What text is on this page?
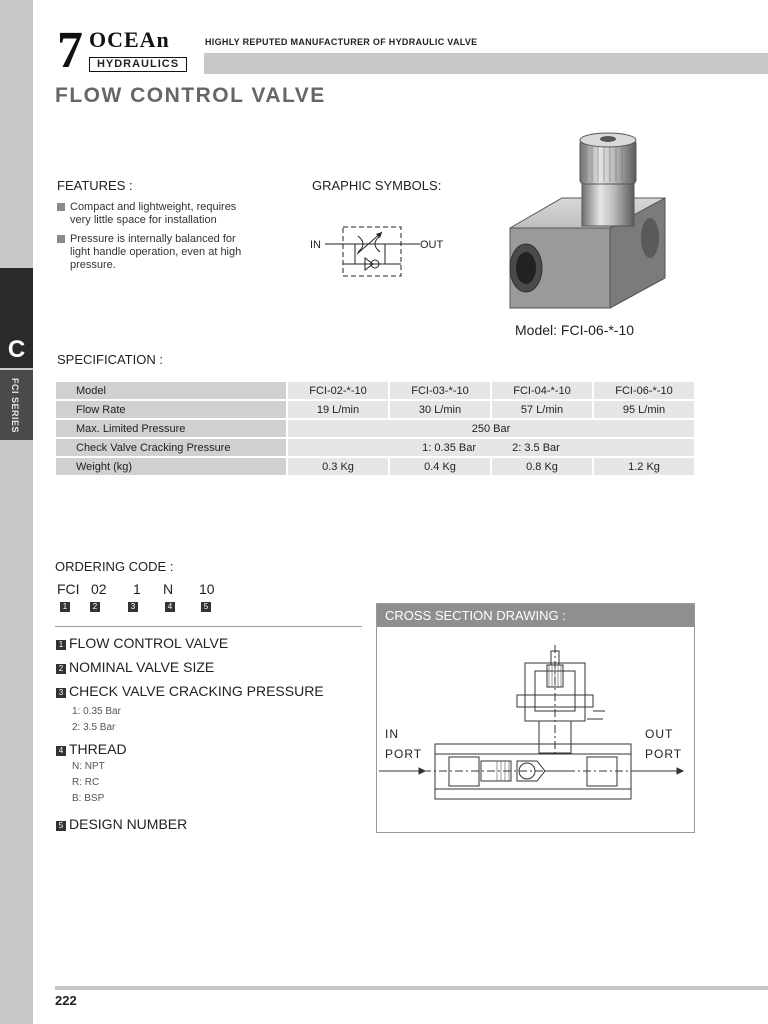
C
FCI SERIES
7 OCEAn
HYDRAULICS
HIGHLY REPUTED MANUFACTURER OF HYDRAULIC VALVE
FLOW CONTROL VALVE
FEATURES :
Compact and lightweight, requires very little space for installation
Pressure is internally balanced for light handle operation, even at high pressure.
GRAPHIC SYMBOLS:
IN	OUT
Model: FCI-06-*-10
SPECIFICATION :
Model	FCI-02-*-10	FCI-03-*-10	FCI-04-*-10	FCI-06-*-10
Flow Rate	19 L/min	30 L/min	57 L/min	95 L/min
Max. Limited Pressure	250 Bar			
Check Valve Cracking Pressure	1: 0.35 Bar 2: 3.5 Bar			
Weight (kg)	0.3 Kg	0.4 Kg	0.8 Kg	1.2 Kg
ORDERING CODE :
FCI 02 1 N 10
1	2	3	4	5
1 FLOW CONTROL VALVE
2 NOMINAL VALVE SIZE
3 CHECK VALVE CRACKING PRESSURE
1: 0.35 Bar
2: 3.5 Bar
4 THREAD
N: NPT
R: RC
B: BSP
5 DESIGN NUMBER
CROSS SECTION DRAWING :
IN
PORT
OUT
PORT
222
